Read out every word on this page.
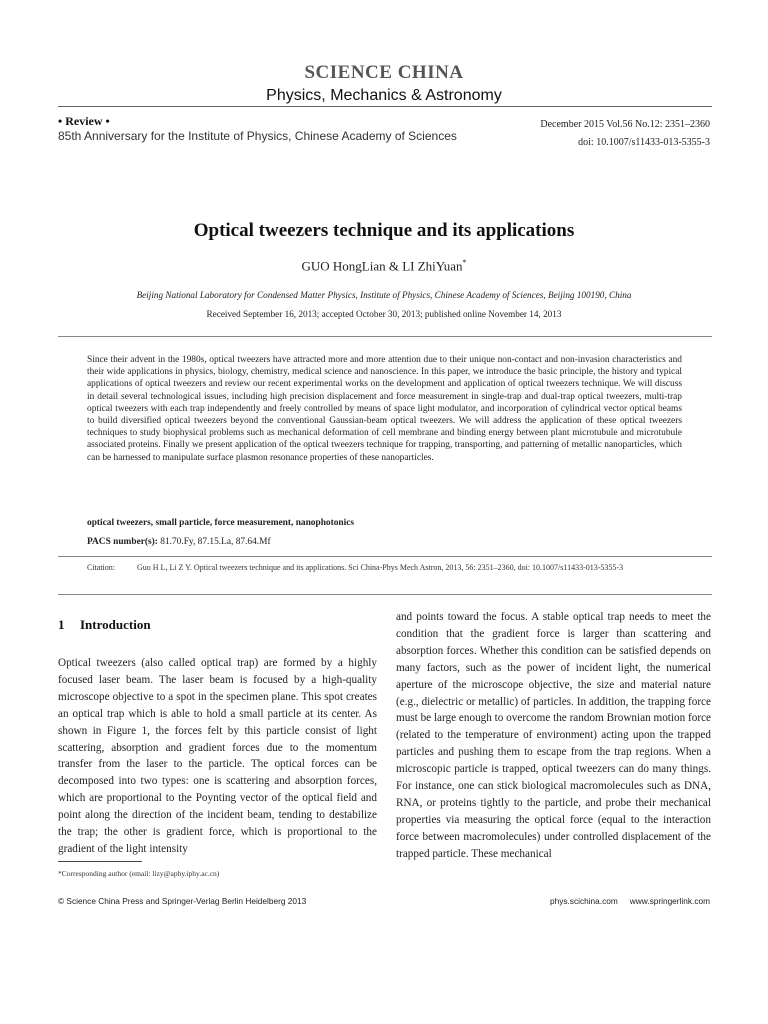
SCIENCE CHINA
Physics, Mechanics & Astronomy
• Review •
85th Anniversary for the Institute of Physics, Chinese Academy of Sciences
December 2015 Vol.56 No.12: 2351–2360
doi: 10.1007/s11433-013-5355-3
Optical tweezers technique and its applications
GUO HongLian & LI ZhiYuan*
Beijing National Laboratory for Condensed Matter Physics, Institute of Physics, Chinese Academy of Sciences, Beijing 100190, China
Received September 16, 2013; accepted October 30, 2013; published online November 14, 2013
Since their advent in the 1980s, optical tweezers have attracted more and more attention due to their unique non-contact and non-invasion characteristics and their wide applications in physics, biology, chemistry, medical science and nanoscience. In this paper, we introduce the basic principle, the history and typical applications of optical tweezers and review our recent experimental works on the development and application of optical tweezers technique. We will discuss in detail several technological issues, including high precision displacement and force measurement in single-trap and dual-trap optical tweezers, multi-trap optical tweezers with each trap independently and freely controlled by means of space light modulator, and incorporation of cylindrical vector optical beams to build diversified optical tweezers beyond the conventional Gaussian-beam optical tweezers. We will address the application of these optical tweezers techniques to study biophysical problems such as mechanical deformation of cell membrane and binding energy between plant microtubule and microtubule associated proteins. Finally we present application of the optical tweezers technique for trapping, transporting, and patterning of metallic nanoparticles, which can be harnessed to manipulate surface plasmon resonance properties of these nanoparticles.
optical tweezers, small particle, force measurement, nanophotonics
PACS number(s): 81.70.Fy, 87.15.La, 87.64.Mf
Citation:	Guo H L, Li Z Y. Optical tweezers technique and its applications. Sci China-Phys Mech Astron, 2013, 56: 2351–2360, doi: 10.1007/s11433-013-5355-3
1 Introduction
Optical tweezers (also called optical trap) are formed by a highly focused laser beam. The laser beam is focused by a high-quality microscope objective to a spot in the specimen plane. This spot creates an optical trap which is able to hold a small particle at its center. As shown in Figure 1, the forces felt by this particle consist of light scattering, absorption and gradient forces due to the momentum transfer from the laser to the particle. The optical forces can be decomposed into two types: one is scattering and absorption forces, which are proportional to the Poynting vector of the optical field and point along the direction of the incident beam, tending to destabilize the trap; the other is gradient force, which is proportional to the gradient of the light intensity
and points toward the focus. A stable optical trap needs to meet the condition that the gradient force is larger than scattering and absorption forces. Whether this condition can be satisfied depends on many factors, such as the power of incident light, the numerical aperture of the microscope objective, the size and material nature (e.g., dielectric or metallic) of particles. In addition, the trapping force must be large enough to overcome the random Brownian motion force (related to the temperature of environment) acting upon the trapped particles and pushing them to escape from the trap regions. When a microscopic particle is trapped, optical tweezers can do many things. For instance, one can stick biological macromolecules such as DNA, RNA, or proteins tightly to the particle, and probe their mechanical properties via measuring the optical force (equal to the interaction force between macromolecules) under controlled displacement of the trapped particle. These mechanical
*Corresponding author (email: lizy@aphy.iphy.ac.cn)
© Science China Press and Springer-Verlag Berlin Heidelberg 2013	phys.scichina.com www.springerlink.com
